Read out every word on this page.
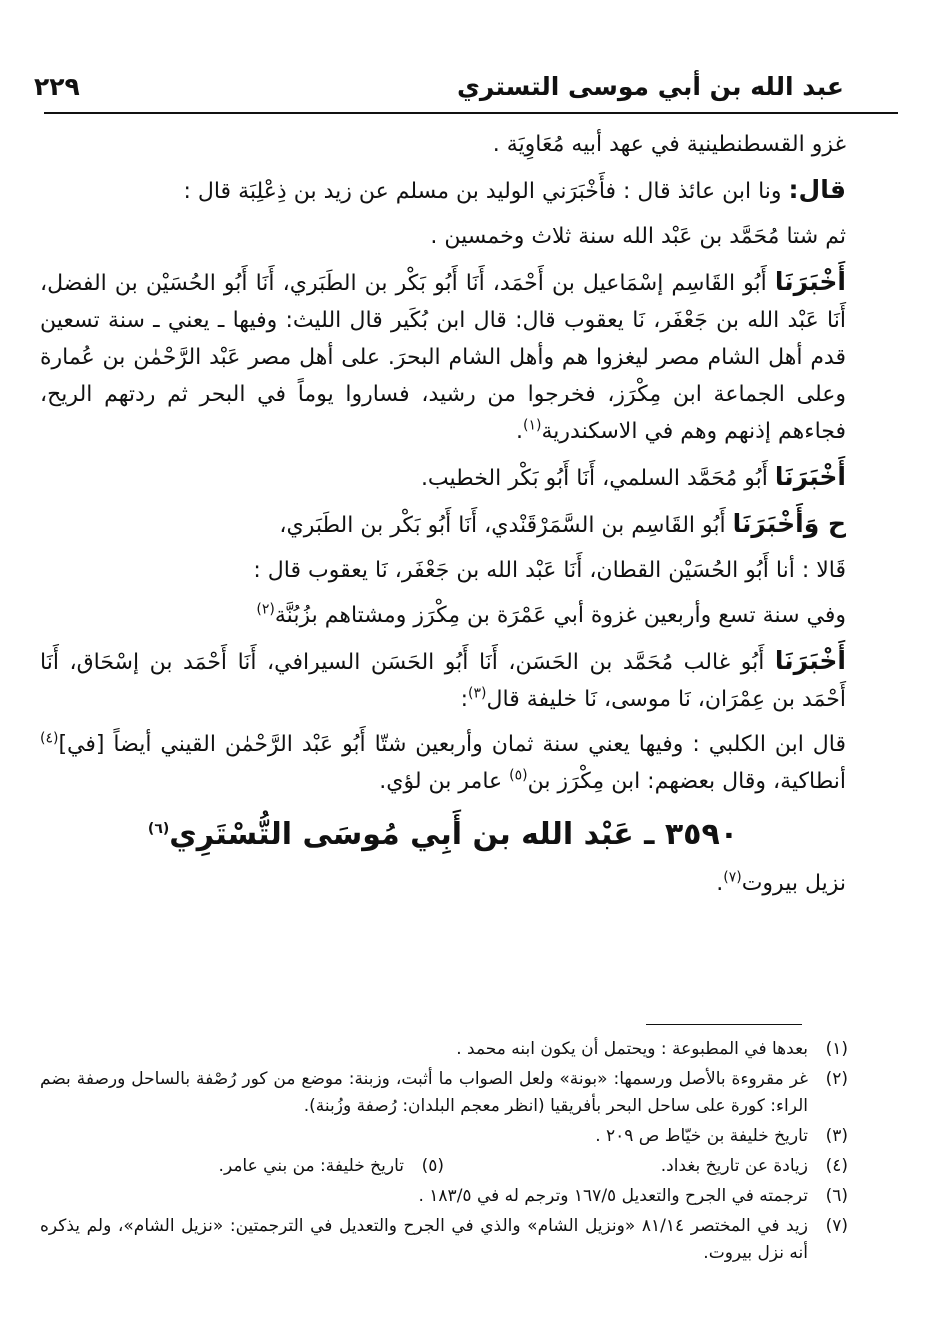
عبد الله بن أبي موسى التستري
٢٢٩

غزو القسطنطينية في عهد أبيه مُعَاوِيَة .

قال: ونا ابن عائذ قال : فأَخْبَرَني الوليد بن مسلم عن زيد بن ذِعْلِبَة قال :

ثم شتا مُحَمَّد بن عَبْد الله سنة ثلاث وخمسين .

أَخْبَرَنَا أَبُو القَاسِم إسْمَاعيل بن أَحْمَد، أَنَا أَبُو بَكْر بن الطَبَري، أَنَا أَبُو الحُسَيْن بن الفضل، أَنَا عَبْد الله بن جَعْفَر، نَا يعقوب قال: قال ابن بُكَير قال الليث: وفيها ـ يعني ـ سنة تسعين قدم أهل الشام مصر ليغزوا هم وأهل الشام البحرَ. على أهل مصر عَبْد الرَّحْمٰن بن عُمارة وعلى الجماعة ابن مِكْرَز، فخرجوا من رشيد، فساروا يوماً في البحر ثم ردتهم الريح، فجاءهم إذنهم وهم في الاسكندرية$^{(١)}$.

أَخْبَرَنَا أَبُو مُحَمَّد السلمي، أَنَا أَبُو بَكْر الخطيب.

ح وَأَخْبَرَنَا أَبُو القَاسِم بن السَّمَرْقَنْدي، أَنَا أَبُو بَكْر بن الطَبَري،

قَالا : أنا أَبُو الحُسَيْن القطان، أَنَا عَبْد الله بن جَعْفَر، نَا يعقوب قال :

وفي سنة تسع وأربعين غزوة أبي عَمْرَة بن مِكْرَز ومشتاهم بزُبُنَّة$^{(٢)}$

أَخْبَرَنَا أَبُو غالب مُحَمَّد بن الحَسَن، أَنَا أَبُو الحَسَن السيرافي، أَنَا أَحْمَد بن إسْحَاق، أَنَا أَحْمَد بن عِمْرَان، نَا موسى، نَا خليفة قال$^{(٣)}$:

قال ابن الكلبي : وفيها يعني سنة ثمان وأربعين شتّا أَبُو عَبْد الرَّحْمٰن القيني أيضاً [في]$^{(٤)}$ أنطاكية، وقال بعضهم: ابن مِكْرَز بن$^{(٥)}$ عامر بن لؤي.

٣٥٩٠ ـ عَبْد الله بن أَبِي مُوسَى التُّسْتَرِي$^{(٦)}$

نزيل بيروت$^{(٧)}$.

(١)
بعدها في المطبوعة : ويحتمل أن يكون ابنه محمد .
(٢)
غر مقروءة بالأصل ورسمها: «بونة» ولعل الصواب ما أثبت، وزبنة: موضع من كور رُصْفة بالساحل ورصفة بضم الراء: كورة على ساحل البحر بأفريقيا (انظر معجم البلدان: رُصفة وزُبنة).
(٣)
تاريخ خليفة بن خيّاط ص ٢٠٩ .
(٤)
زيادة عن تاريخ بغداد.
(٥)
تاريخ خليفة: من بني عامر.
(٦)
ترجمته في الجرح والتعديل ١٦٧/٥ وترجم له في ١٨٣/٥ .
(٧)
زيد في المختصر ٨١/١٤ «ونزيل الشام» والذي في الجرح والتعديل في الترجمتين: «نزيل الشام»، ولم يذكره أنه نزل بيروت.
